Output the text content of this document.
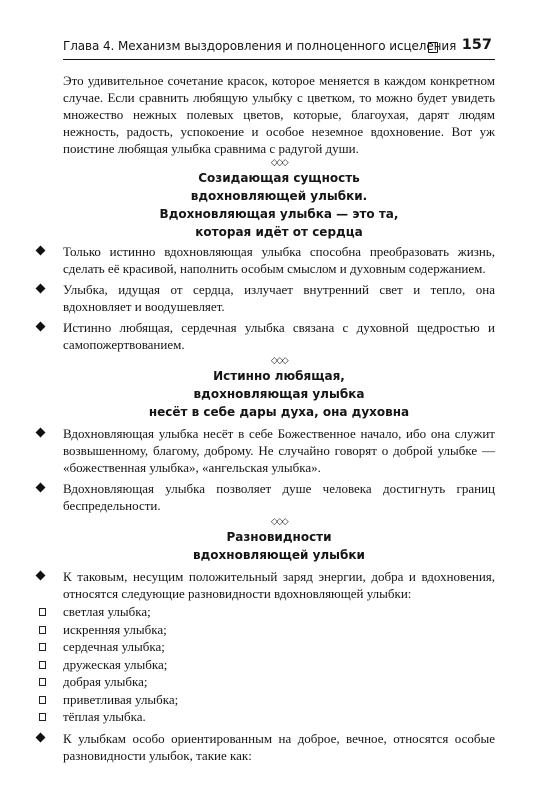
Глава 4. Механизм выздоровления и полноценного исцеления 157

Это удивительное сочетание красок, которое меняется в каждом конкретном случае. Если сравнить любящую улыбку с цветком, то можно будет увидеть множество нежных полевых цветов, которые, благоухая, дарят людям нежность, радость, успокоение и особое неземное вдохновение. Вот уж поистине любящая улыбка сравнима с радугой души.

◇◇◇

Созидающая сущность

вдохновляющей улыбки.

Вдохновляющая улыбка — это та,

которая идёт от сердца

Только истинно вдохновляющая улыбка способна преобразовать жизнь, сделать её красивой, наполнить особым смыслом и духовным содержанием.
Улыбка, идущая от сердца, излучает внутренний свет и тепло, она вдохновляет и воодушевляет.
Истинно любящая, сердечная улыбка связана с духовной щедростью и самопожертвованием.
◇◇◇

Истинно любящая,

вдохновляющая улыбка

несёт в себе дары духа, она духовна

Вдохновляющая улыбка несёт в себе Божественное начало, ибо она служит возвышенному, благому, доброму. Не случайно говорят о доброй улыбке — «божественная улыбка», «ангельская улыбка».
Вдохновляющая улыбка позволяет душе человека достигнуть границ беспредельности.
◇◇◇

Разновидности

вдохновляющей улыбки

К таковым, несущим положительный заряд энергии, добра и вдохновения, относятся следующие разновидности вдохновляющей улыбки:
светлая улыбка;
искренняя улыбка;
сердечная улыбка;
дружеская улыбка;
добрая улыбка;
приветливая улыбка;
тёплая улыбка.
К улыбкам особо ориентированным на доброе, вечное, относятся особые разновидности улыбок, такие как:
